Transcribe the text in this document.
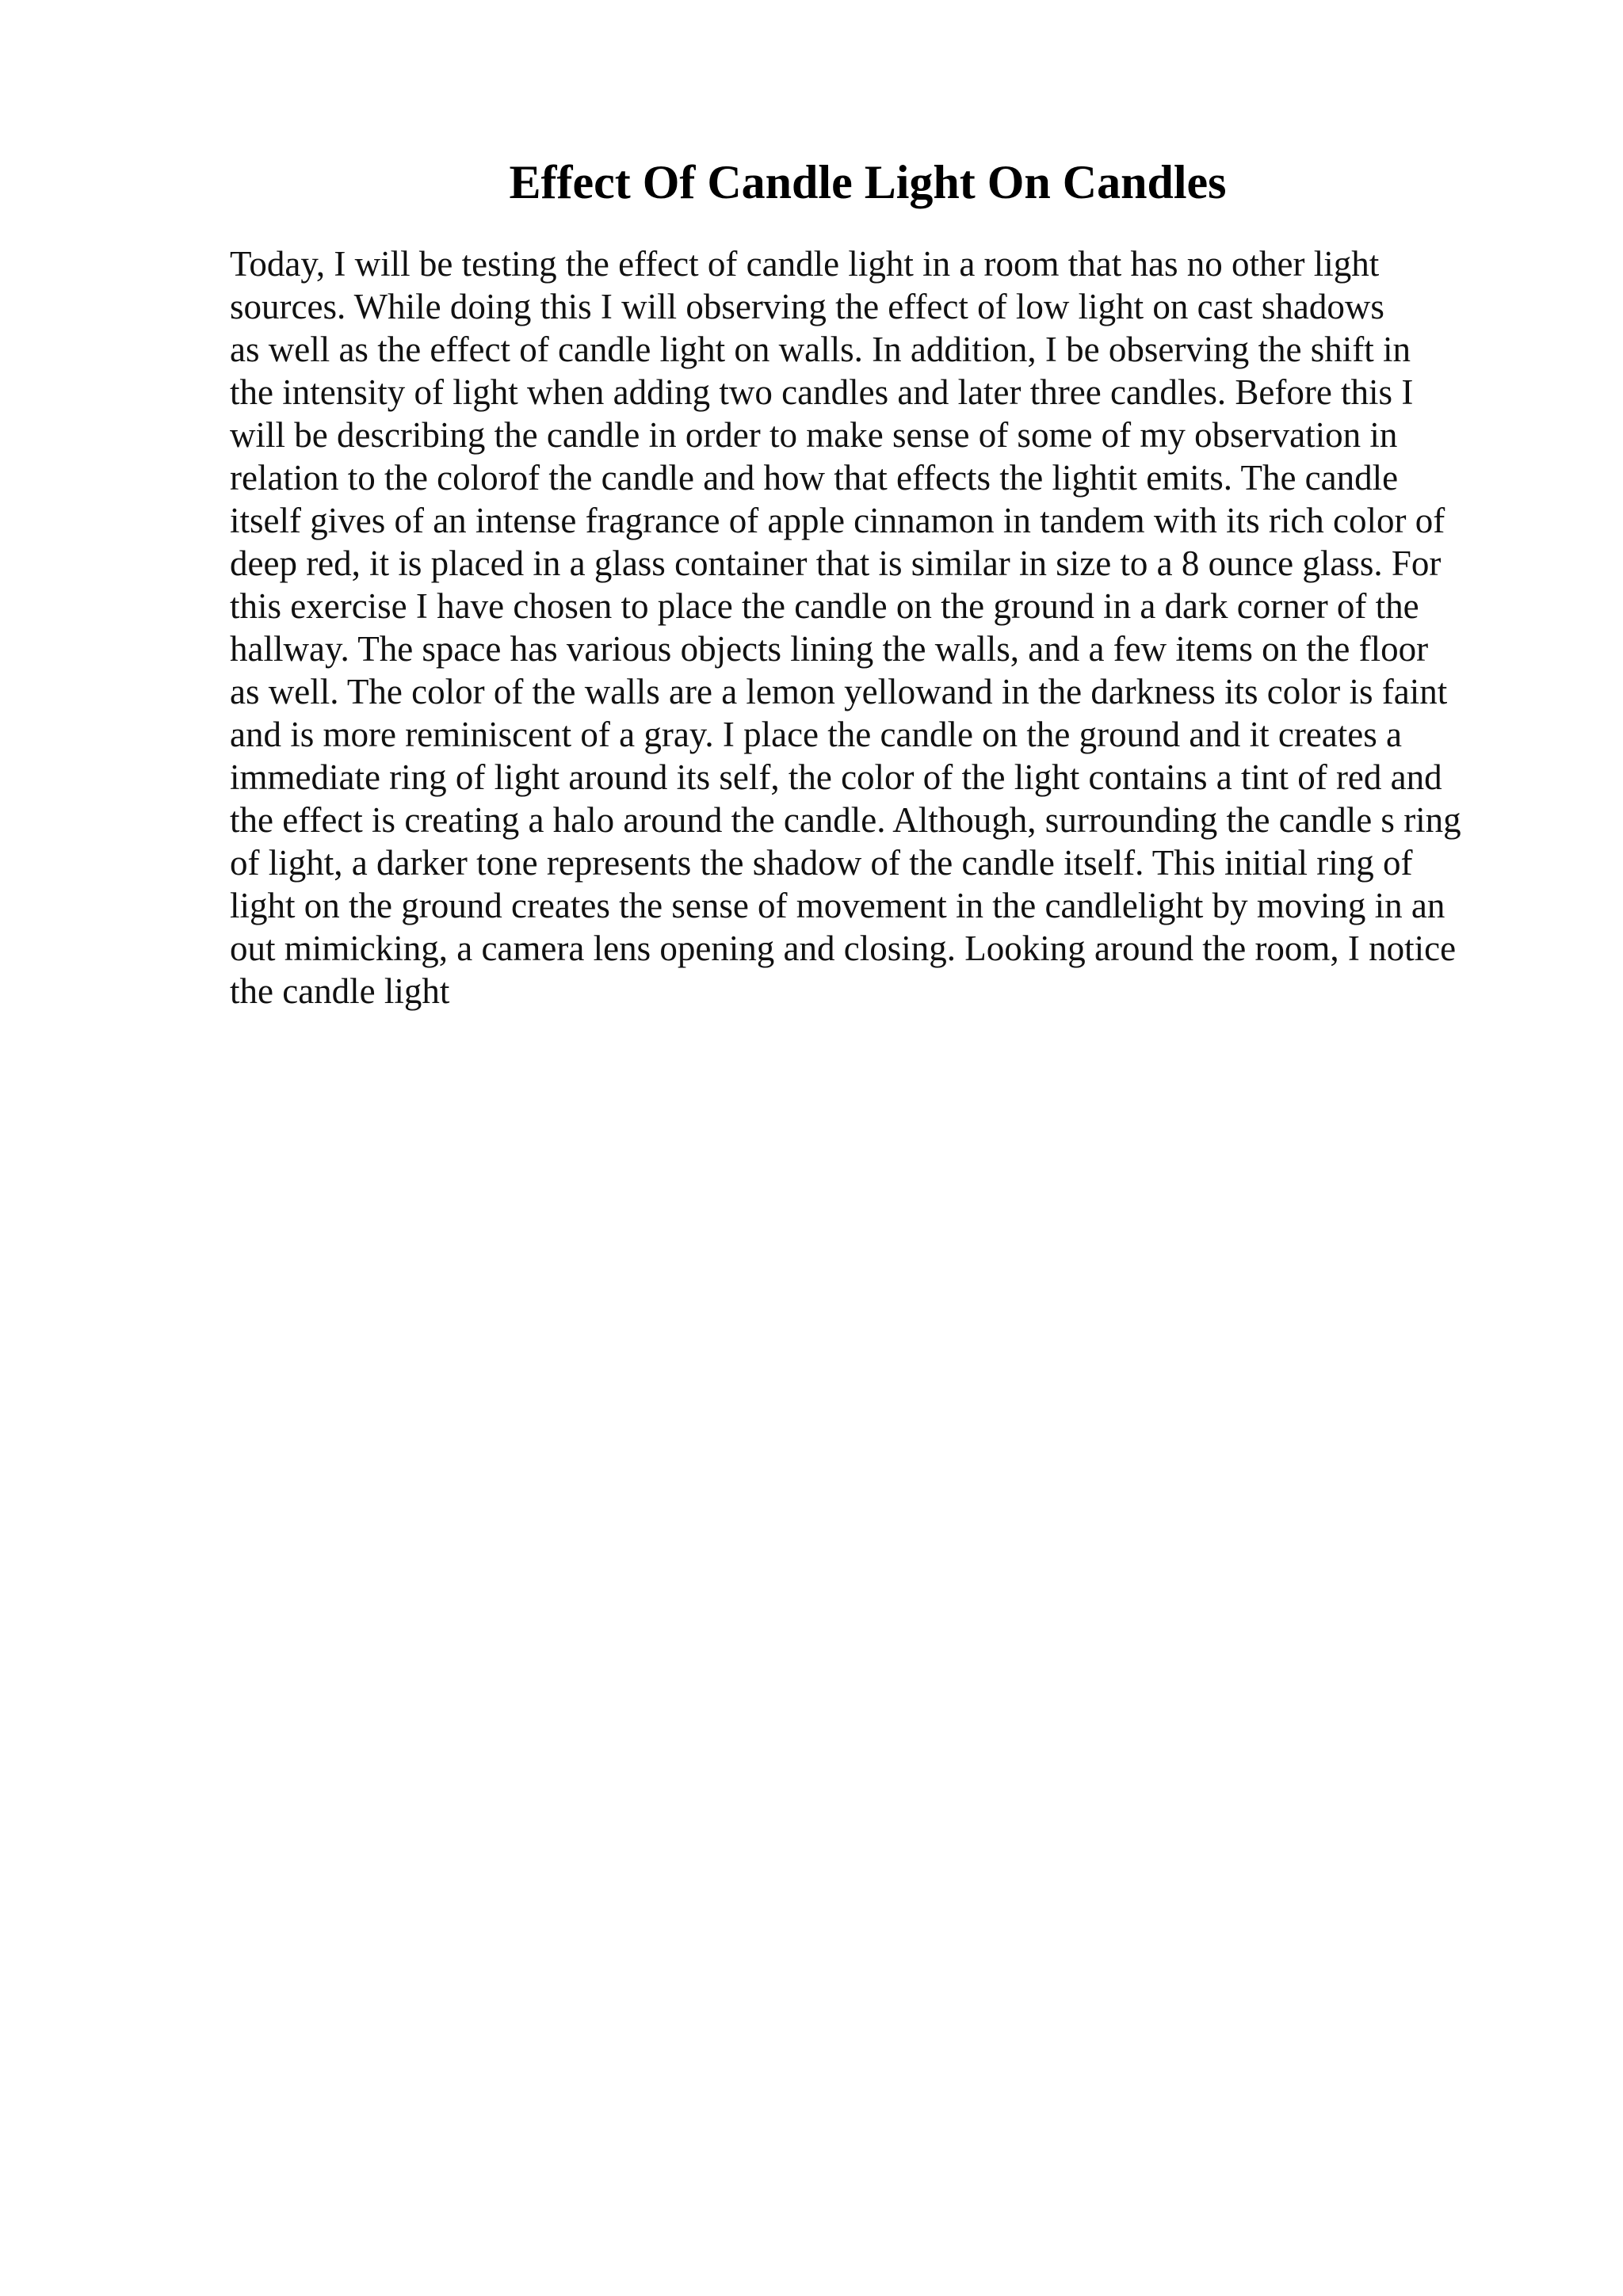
Effect Of Candle Light On Candles
Today, I will be testing the effect of candle light in a room that has no other light
sources. While doing this I will observing the effect of low light on cast shadows
as well as the effect of candle light on walls. In addition, I be observing the shift in
the intensity of light when adding two candles and later three candles. Before this I
will be describing the candle in order to make sense of some of my observation in
relation to the colorof the candle and how that effects the lightit emits. The candle
itself gives of an intense fragrance of apple cinnamon in tandem with its rich color of
deep red, it is placed in a glass container that is similar in size to a 8 ounce glass. For
this exercise I have chosen to place the candle on the ground in a dark corner of the
hallway. The space has various objects lining the walls, and a few items on the floor
as well. The color of the walls are a lemon yellowand in the darkness its color is faint
and is more reminiscent of a gray. I place the candle on the ground and it creates a
immediate ring of light around its self, the color of the light contains a tint of red and
the effect is creating a halo around the candle. Although, surrounding the candle s ring
of light, a darker tone represents the shadow of the candle itself. This initial ring of
light on the ground creates the sense of movement in the candlelight by moving in an
out mimicking, a camera lens opening and closing. Looking around the room, I notice
the candle light
